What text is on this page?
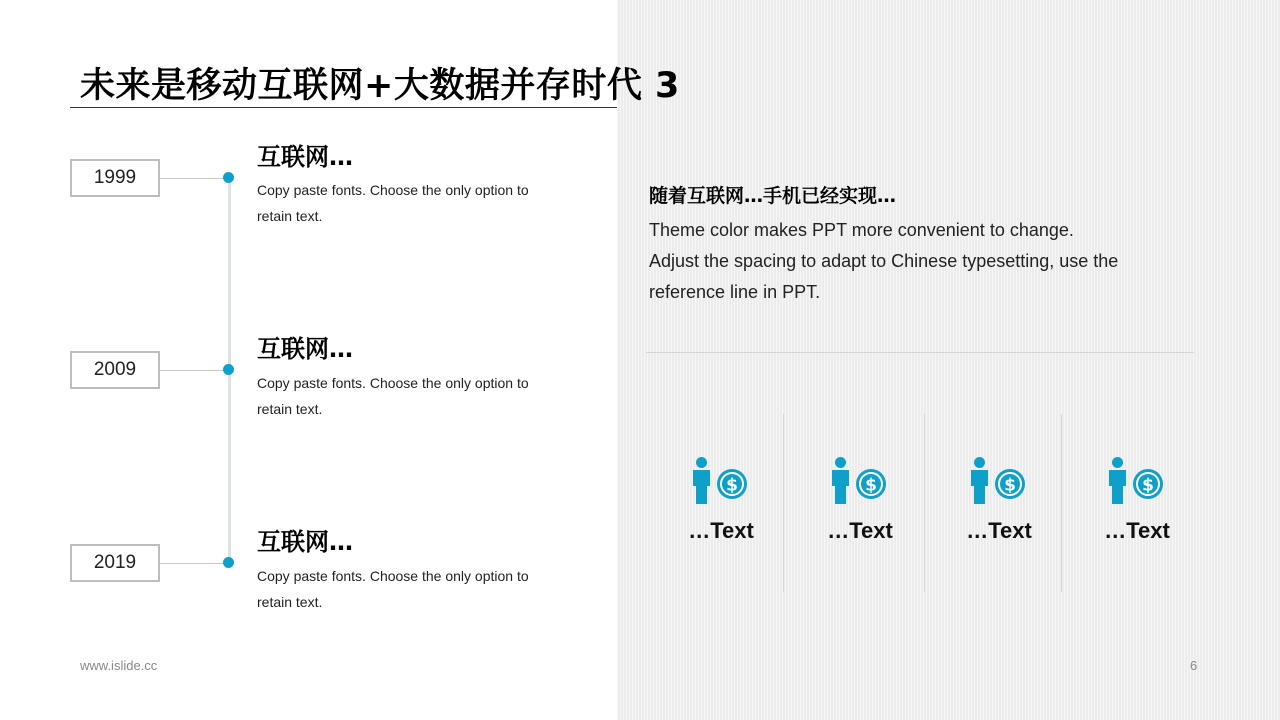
未来是移动互联网+大数据并存时代 3
1999
2009
2019
互联网…

Copy paste fonts. Choose the only option to retain text.

互联网…

Copy paste fonts. Choose the only option to retain text.

互联网…

Copy paste fonts. Choose the only option to retain text.

随着互联网…手机已经实现…
Theme color makes PPT more convenient to change.
Adjust the spacing to adapt to Chinese typesetting, use the
reference line in PPT.
$
…Text
$
…Text
$
…Text
$
…Text
www.islide.cc	6
